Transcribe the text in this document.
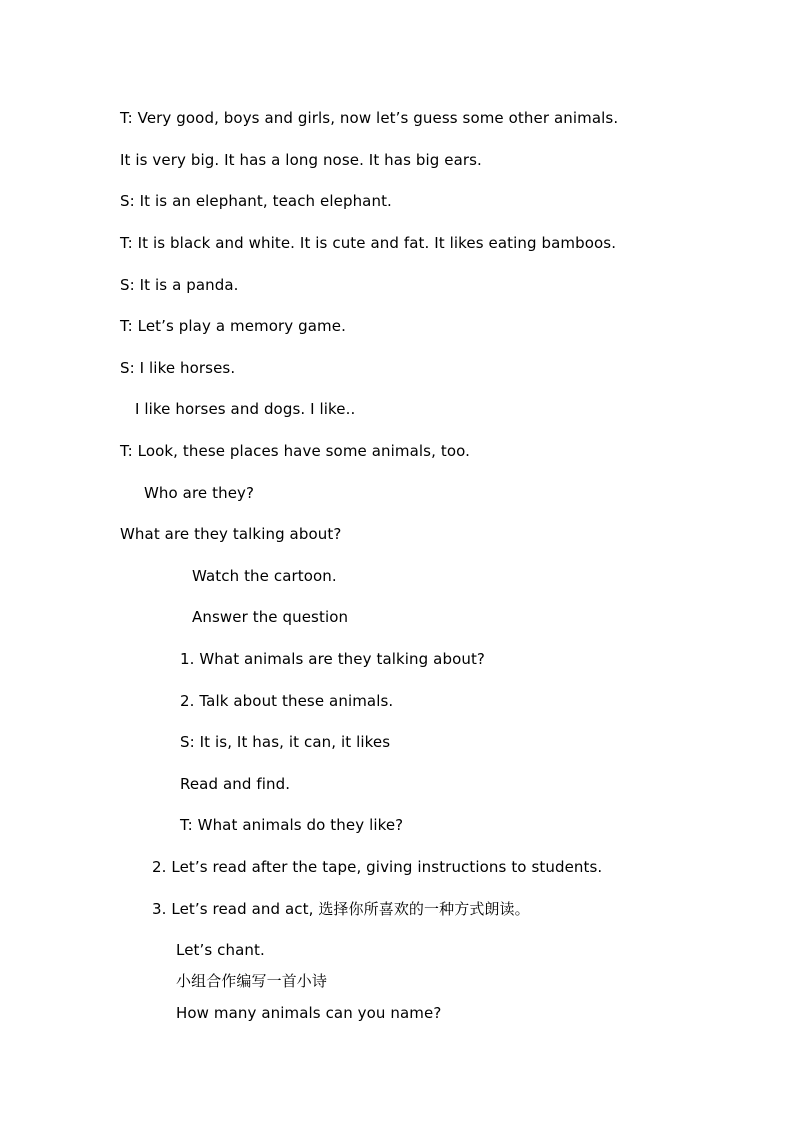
T: Very good, boys and girls, now let’s guess some other animals.
It is very big. It has a long nose. It has big ears.
S: It is an elephant, teach elephant.
T: It is black and white. It is cute and fat. It likes eating bamboos.
S: It is a panda.
T: Let’s play a memory game.
S: I like horses.
I like horses and dogs. I like..
T: Look, these places have some animals, too.
Who are they?
What are they talking about?
Watch the cartoon.
Answer the question
1. What animals are they talking about?
2. Talk about these animals.
S: It is, It has, it can, it likes
Read and find.
T: What animals do they like?
2. Let’s read after the tape, giving instructions to students.
3. Let’s read and act, 选择你所喜欢的一种方式朗读。
Let’s chant.
小组合作编写一首小诗
How many animals can you name?
